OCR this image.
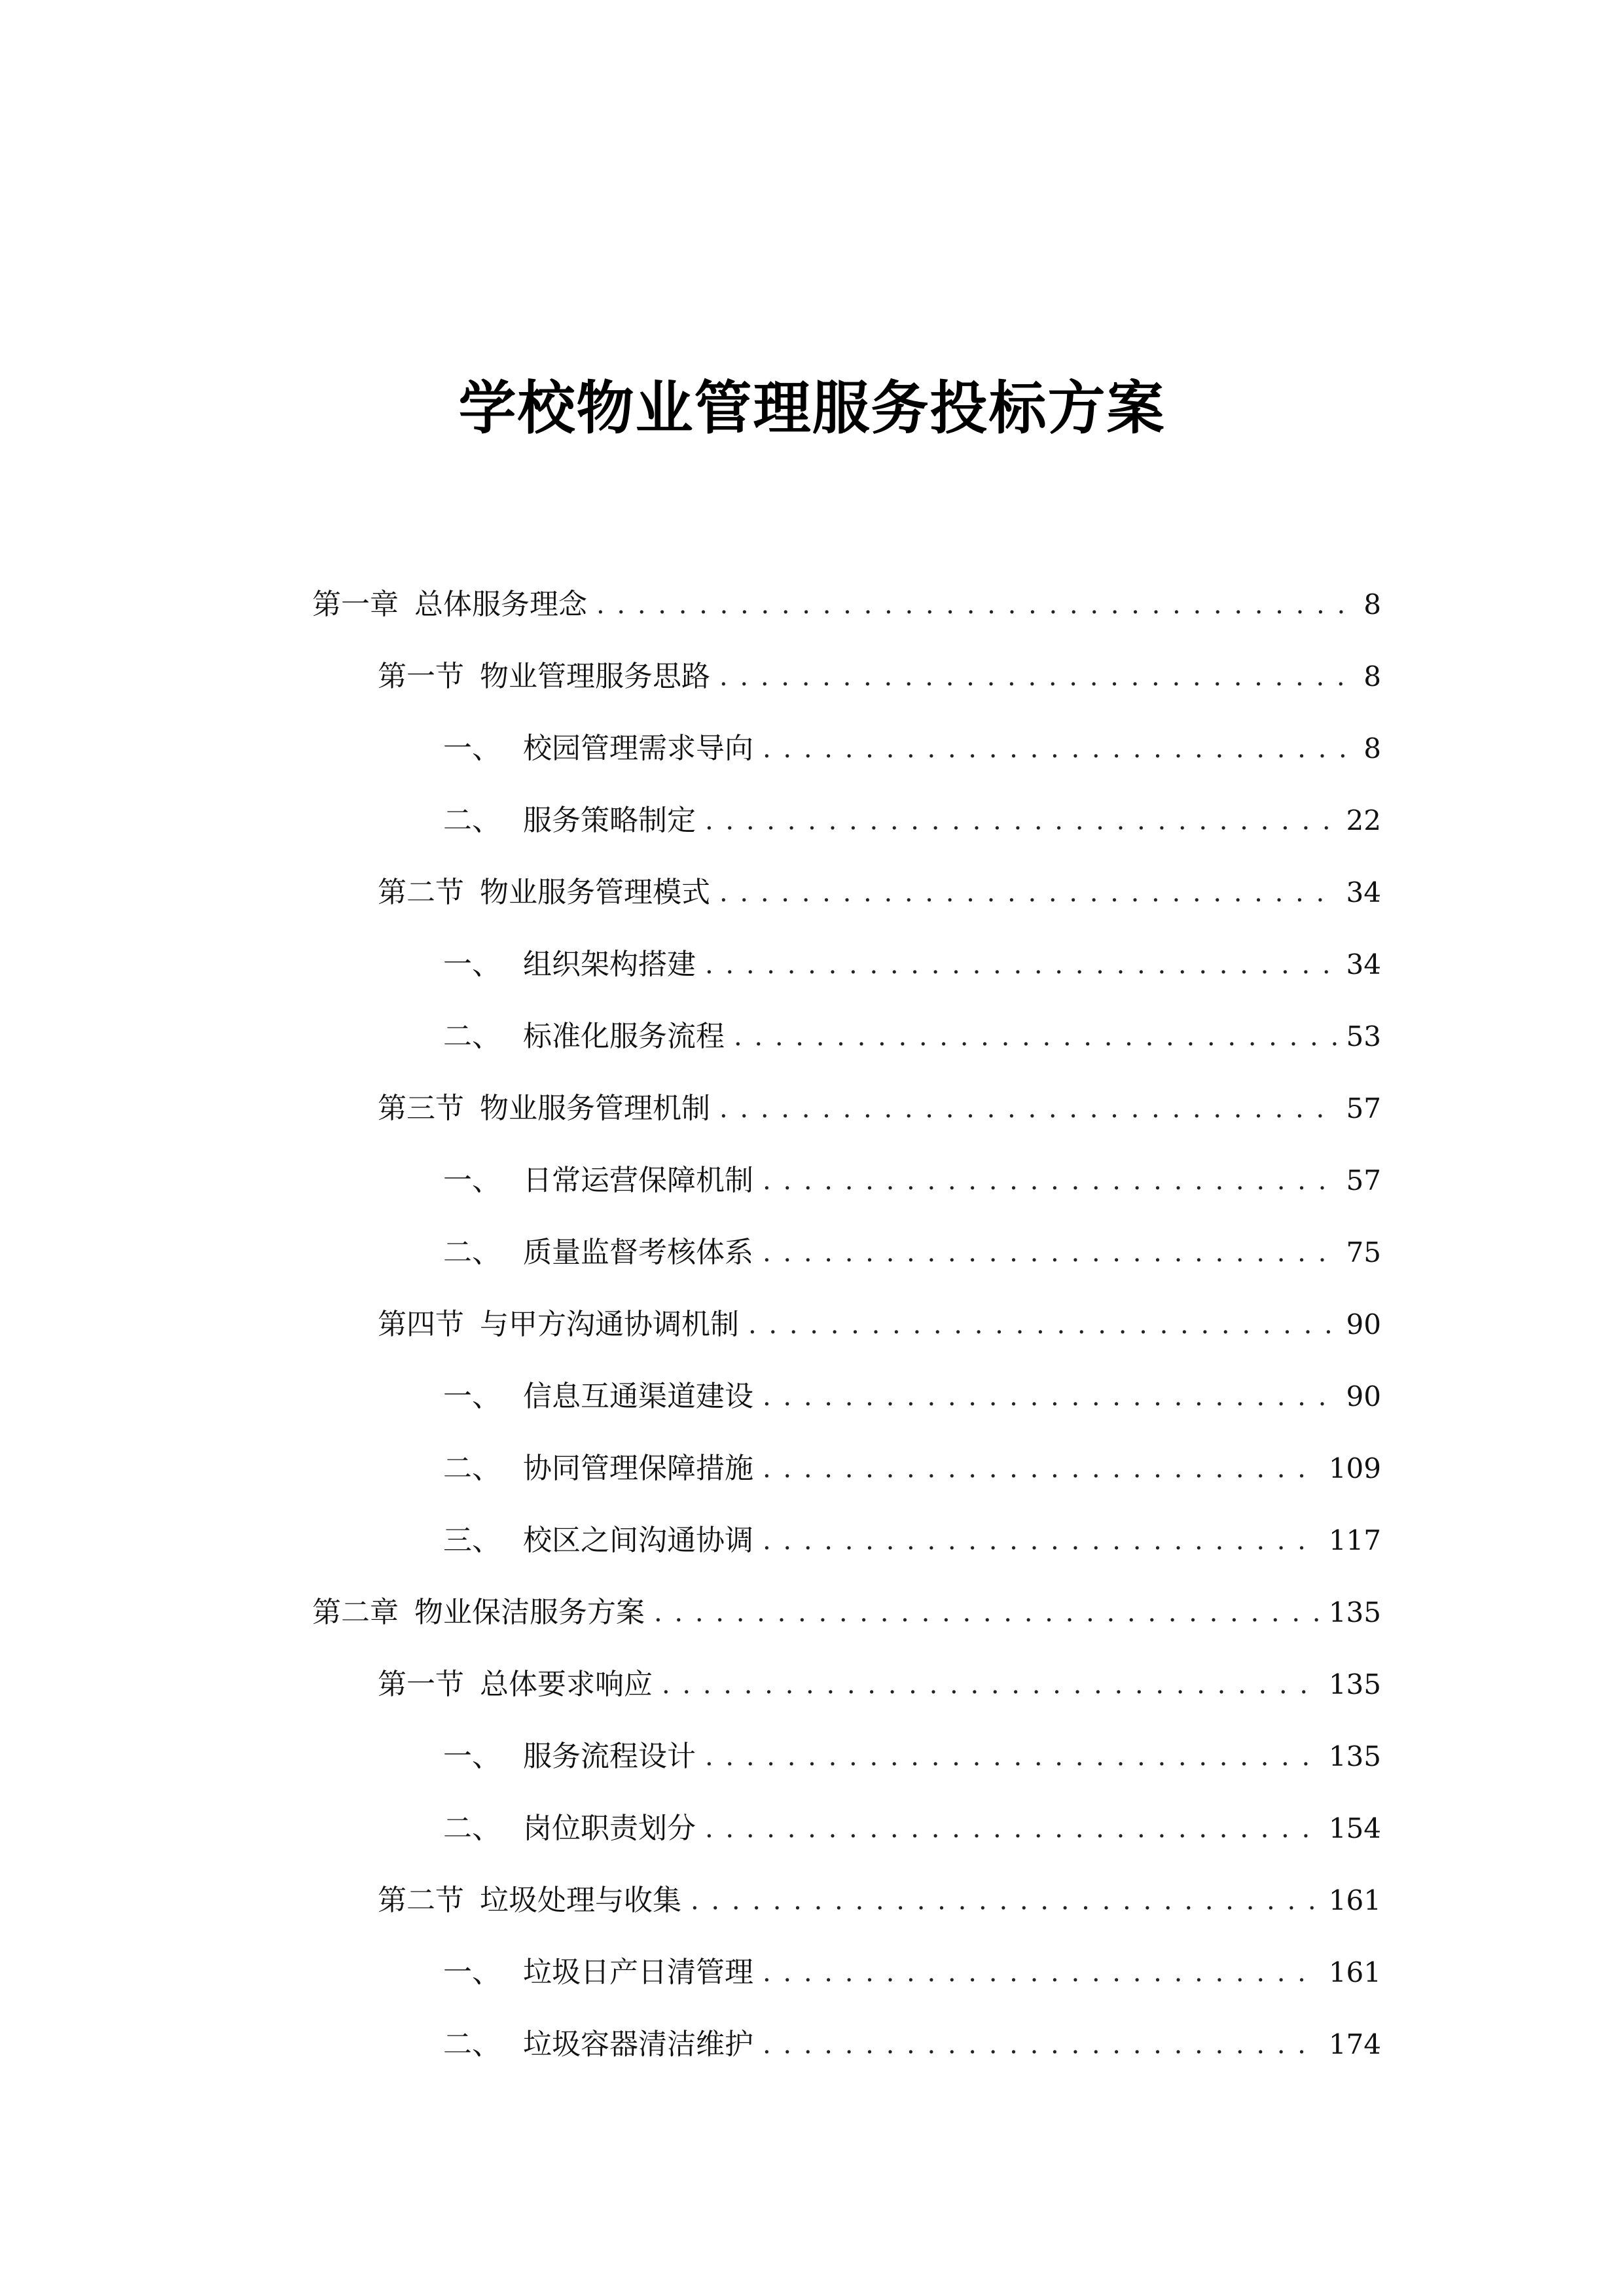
学校物业管理服务投标方案
第一章 总体服务理念 . . .	8
第一节 物业管理服务思路 . . .	8
一、 校园管理需求导向 . . .	8
二、 服务策略制定 . . .	22
第二节 物业服务管理模式 . . .	34
一、 组织架构搭建 . . .	34
二、 标准化服务流程 . . .	53
第三节 物业服务管理机制 . . .	57
一、 日常运营保障机制 . . .	57
二、 质量监督考核体系 . . .	75
第四节 与甲方沟通协调机制 . . .	90
一、 信息互通渠道建设 . . .	90
二、 协同管理保障措施 . . .	109
三、 校区之间沟通协调 . . .	117
第二章 物业保洁服务方案 . . .	135
第一节 总体要求响应 . . .	135
一、 服务流程设计 . . .	135
二、 岗位职责划分 . . .	154
第二节 垃圾处理与收集 . . .	161
一、 垃圾日产日清管理 . . .	161
二、 垃圾容器清洁维护 . . .	174
